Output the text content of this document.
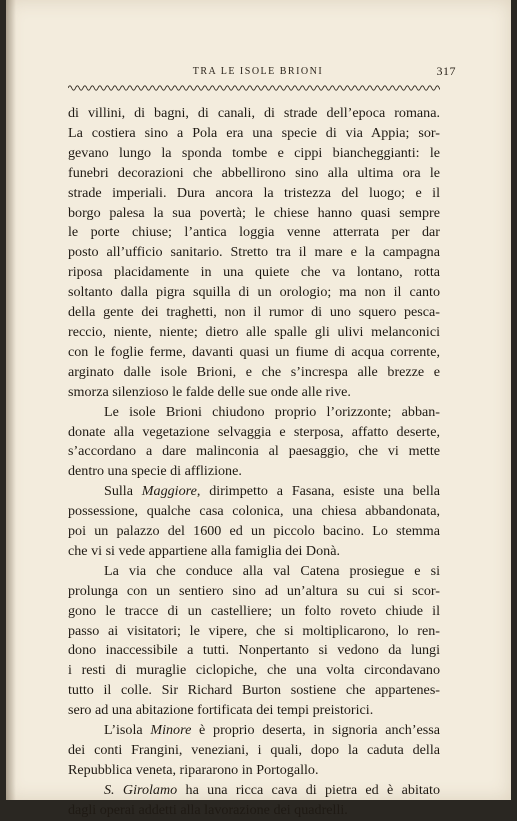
TRA LE ISOLE BRIONI	317
di villini, di bagni, di canali, di strade dell’epoca romana.
La costiera sino a Pola era una specie di via Appia; sor-
gevano lungo la sponda tombe e cippi biancheggianti: le
funebri decorazioni che abbellirono sino alla ultima ora le
strade imperiali. Dura ancora la tristezza del luogo; e il
borgo palesa la sua povertà; le chiese hanno quasi sempre
le porte chiuse; l’antica loggia venne atterrata per dar
posto all’ufficio sanitario. Stretto tra il mare e la campagna
riposa placidamente in una quiete che va lontano, rotta
soltanto dalla pigra squilla di un orologio; ma non il canto
della gente dei traghetti, non il rumor di uno squero pesca-
reccio, niente, niente; dietro alle spalle gli ulivi melanconici
con le foglie ferme, davanti quasi un fiume di acqua corrente,
arginato dalle isole Brioni, e che s’increspa alle brezze e
smorza silenzioso le falde delle sue onde alle rive.
Le isole Brioni chiudono proprio l’orizzonte; abban-
donate alla vegetazione selvaggia e sterposa, affatto deserte,
s’accordano a dare malinconia al paesaggio, che vi mette
dentro una specie di afflizione.
Sulla Maggiore, dirimpetto a Fasana, esiste una bella
possessione, qualche casa colonica, una chiesa abbandonata,
poi un palazzo del 1600 ed un piccolo bacino. Lo stemma
che vi si vede appartiene alla famiglia dei Donà.
La via che conduce alla val Catena prosiegue e si
prolunga con un sentiero sino ad un’altura su cui si scor-
gono le tracce di un castelliere; un folto roveto chiude il
passo ai visitatori; le vipere, che si moltiplicarono, lo ren-
dono inaccessibile a tutti. Nonpertanto si vedono da lungi
i resti di muraglie ciclopiche, che una volta circondavano
tutto il colle. Sir Richard Burton sostiene che appartenes-
sero ad una abitazione fortificata dei tempi preistorici.
L’isola Minore è proprio deserta, in signoria anch’essa
dei conti Frangini, veneziani, i quali, dopo la caduta della
Repubblica veneta, ripararono in Portogallo.
S. Girolamo ha una ricca cava di pietra ed è abitato
dagli operai addetti alla lavorazione dei quadrelli.
